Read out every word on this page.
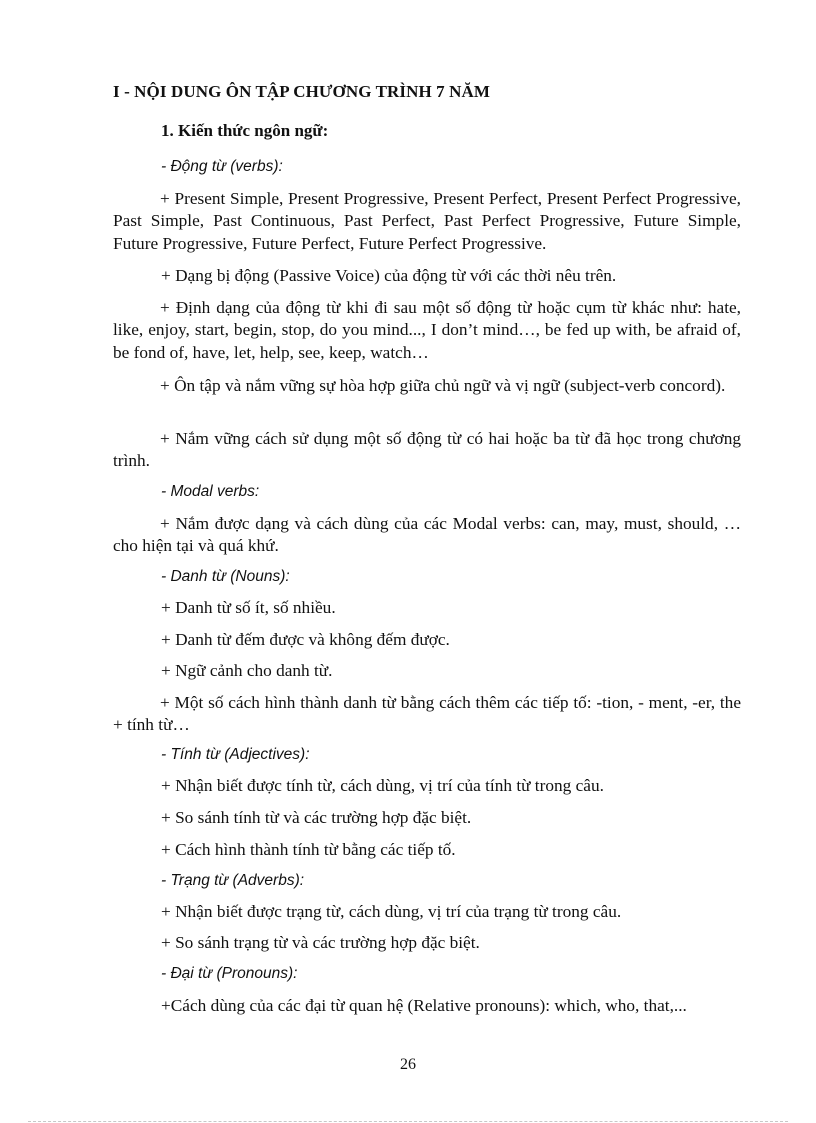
I - NỘI DUNG ÔN TẬP CHƯƠNG TRÌNH 7 NĂM
1. Kiến thức ngôn ngữ:
- Động từ (verbs):
+ Present Simple, Present Progressive, Present Perfect, Present Perfect Progressive, Past Simple, Past Continuous, Past Perfect, Past Perfect Progressive, Future Simple, Future Progressive, Future Perfect, Future Perfect Progressive.
+ Dạng bị động (Passive Voice) của động từ với các thời nêu trên.
+ Định dạng của động từ khi đi sau một số động từ hoặc cụm từ khác như: hate, like, enjoy, start, begin, stop, do you mind..., I don’t mind…, be fed up with, be afraid of, be fond of, have, let, help, see, keep, watch…
+ Ôn tập và nắm vững sự hòa hợp giữa chủ ngữ và vị ngữ (subject-verb concord).
+ Nắm vững cách sử dụng một số động từ có hai hoặc ba từ đã học trong chương trình.
- Modal verbs:
+ Nắm được dạng và cách dùng của các Modal verbs: can, may, must, should, … cho hiện tại và quá khứ.
- Danh từ (Nouns):
+ Danh từ số ít, số nhiều.
+ Danh từ đếm được và không đếm được.
+ Ngữ cảnh cho danh từ.
+ Một số cách hình thành danh từ bằng cách thêm các tiếp tố: -tion, - ment, -er, the + tính từ…
- Tính từ (Adjectives):
+ Nhận biết được tính từ, cách dùng, vị trí của tính từ trong câu.
+ So sánh tính từ và các trường hợp đặc biệt.
+ Cách hình thành tính từ bằng các tiếp tố.
- Trạng từ (Adverbs):
+ Nhận biết được trạng từ, cách dùng, vị trí của trạng từ trong câu.
+ So sánh trạng từ và các trường hợp đặc biệt.
- Đại từ (Pronouns):
+Cách dùng của các đại từ quan hệ (Relative pronouns): which, who, that,...
26
